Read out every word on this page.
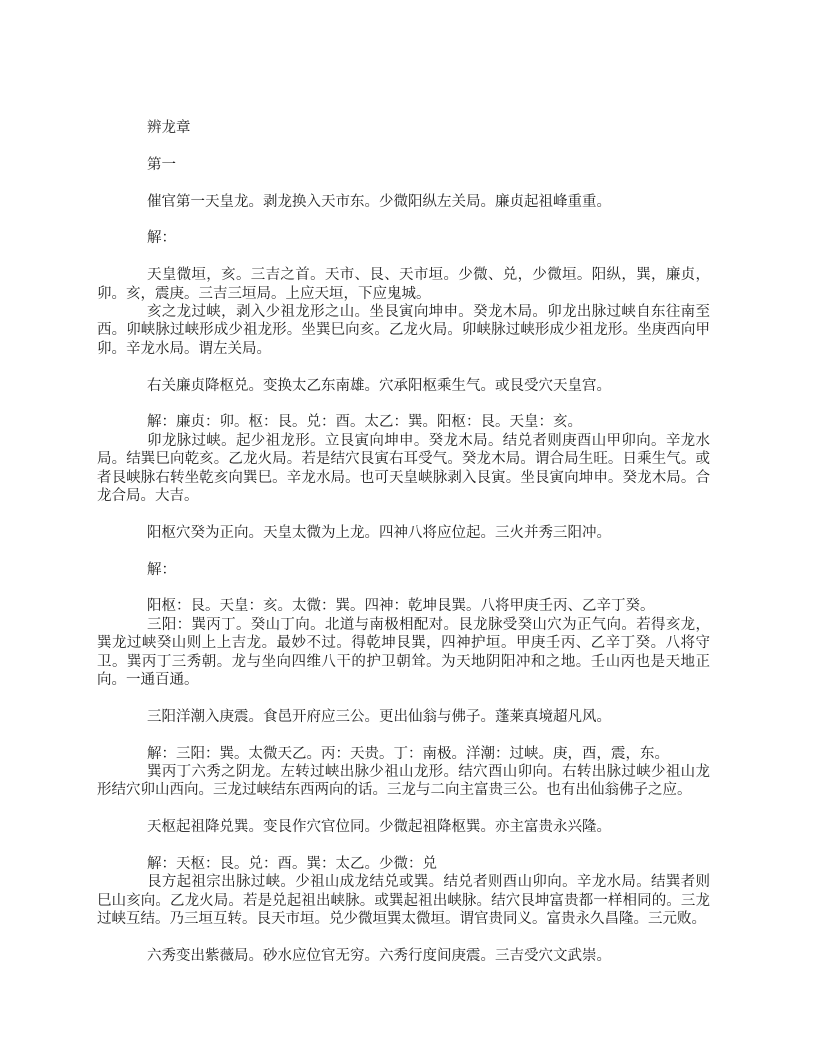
辨龙章

第一

催官第一天皇龙。剥龙换入天市东。少微阳纵左关局。廉贞起祖峰重重。

解：

天皇微垣，亥。三吉之首。天市、艮、天市垣。少微、兑，少微垣。阳纵，巽，廉贞，卯。亥，震庚。三吉三垣局。上应天垣，下应鬼城。

亥之龙过峡，剥入少祖龙形之山。坐艮寅向坤申。癸龙木局。卯龙出脉过峡自东往南至西。卯峡脉过峡形成少祖龙形。坐巽巳向亥。乙龙火局。卯峡脉过峡形成少祖龙形。坐庚西向甲卯。辛龙水局。谓左关局。

右关廉贞降枢兑。变换太乙东南雄。穴承阳枢乘生气。或艮受穴天皇宫。

解：廉贞：卯。枢：艮。兑：酉。太乙：巽。阳枢：艮。天皇：亥。

卯龙脉过峡。起少祖龙形。立艮寅向坤申。癸龙木局。结兑者则庚酉山甲卯向。辛龙水局。结巽巳向乾亥。乙龙火局。若是结穴艮寅右耳受气。癸龙木局。谓合局生旺。日乘生气。或者艮峡脉右转坐乾亥向巽巳。辛龙水局。也可天皇峡脉剥入艮寅。坐艮寅向坤申。癸龙木局。合龙合局。大吉。

阳枢穴癸为正向。天皇太微为上龙。四神八将应位起。三火并秀三阳冲。

解：

阳枢：艮。天皇：亥。太微：巽。四神：乾坤艮巽。八将甲庚壬丙、乙辛丁癸。

三阳：巽丙丁。癸山丁向。北道与南极相配对。艮龙脉受癸山穴为正气向。若得亥龙，巽龙过峡癸山则上上吉龙。最妙不过。得乾坤艮巽，四神护垣。甲庚壬丙、乙辛丁癸。八将守卫。巽丙丁三秀朝。龙与坐向四维八干的护卫朝耸。为天地阴阳冲和之地。壬山丙也是天地正向。一通百通。

三阳洋潮入庚震。食邑开府应三公。更出仙翁与佛子。蓬莱真境超凡风。

解：三阳：巽。太微天乙。丙：天贵。丁：南极。洋潮：过峡。庚，酉，震，东。

巽丙丁六秀之阴龙。左转过峡出脉少祖山龙形。结穴酉山卯向。右转出脉过峡少祖山龙形结穴卯山西向。三龙过峡结东西两向的话。三龙与二向主富贵三公。也有出仙翁佛子之应。

天枢起祖降兑巽。变艮作穴官位同。少微起祖降枢巽。亦主富贵永兴隆。

解：天枢：艮。兑：酉。巽：太乙。少微：兑

艮方起祖宗出脉过峡。少祖山成龙结兑或巽。结兑者则酉山卯向。辛龙水局。结巽者则巳山亥向。乙龙火局。若是兑起祖出峡脉。或巽起祖出峡脉。结穴艮坤富贵都一样相同的。三龙过峡互结。乃三垣互转。艮天市垣。兑少微垣巽太微垣。谓官贵同义。富贵永久昌隆。三元败。

六秀变出紫薇局。砂水应位官无穷。六秀行度间庚震。三吉受穴文武崇。
